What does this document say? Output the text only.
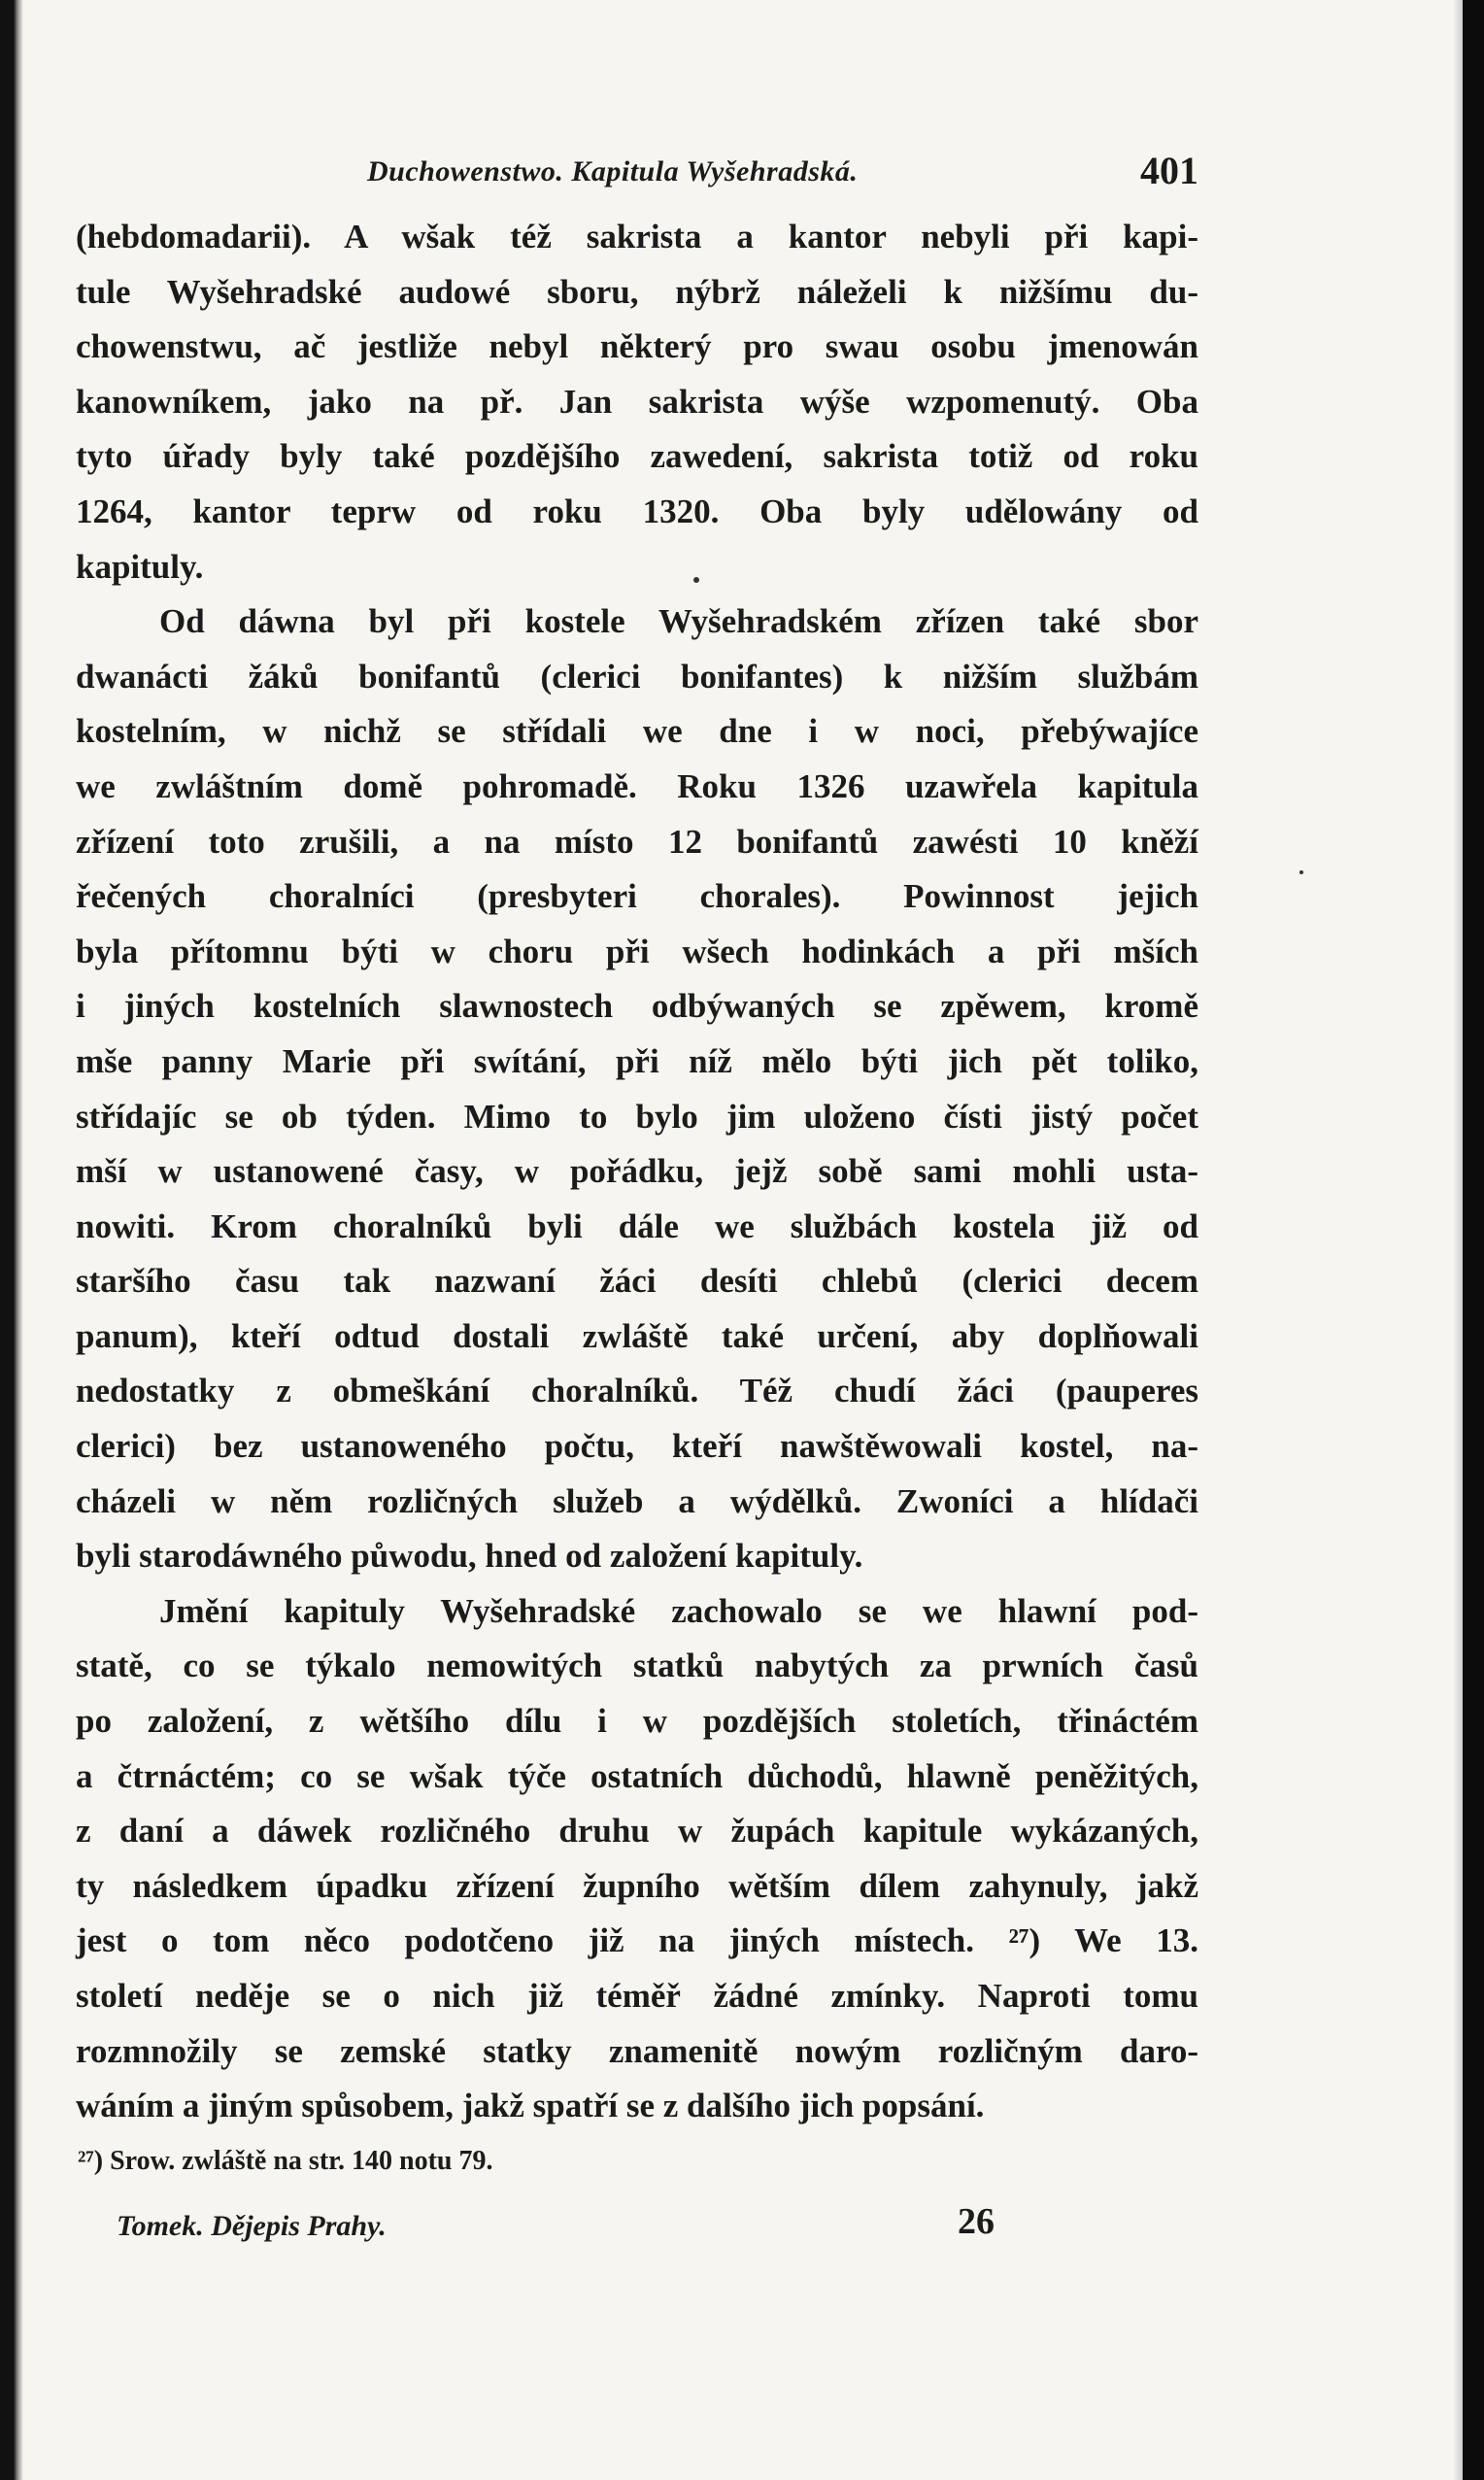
Duchowenstwo. Kapitula Wyšehradská.	401
(hebdomadarii). A wšak též sakrista a kantor nebyli při kapi-
tule Wyšehradské audowé sboru, nýbrž náleželi k nižšímu du-
chowenstwu, ač jestliže nebyl některý pro swau osobu jmenowán
kanowníkem, jako na př. Jan sakrista wýše wzpomenutý. Oba
tyto úřady byly také pozdějšího zawedení, sakrista totiž od roku
1264, kantor teprw od roku 1320. Oba byly udělowány od
kapituly.
Od dáwna byl při kostele Wyšehradském zřízen také sbor
dwanácti žáků bonifantů (clerici bonifantes) k nižším službám
kostelním, w nichž se střídali we dne i w noci, přebýwajíce
we zwláštním domě pohromadě. Roku 1326 uzawřela kapitula
zřízení toto zrušili, a na místo 12 bonifantů zawésti 10 kněží
řečených choralníci (presbyteri chorales). Powinnost jejich
byla přítomnu býti w choru při wšech hodinkách a při mších
i jiných kostelních slawnostech odbýwaných se zpěwem, kromě
mše panny Marie při swítání, při níž mělo býti jich pět toliko,
střídajíc se ob týden. Mimo to bylo jim uloženo čísti jistý počet
mší w ustanowené časy, w pořádku, jejž sobě sami mohli usta-
nowiti. Krom choralníků byli dále we službách kostela již od
staršího času tak nazwaní žáci desíti chlebů (clerici decem
panum), kteří odtud dostali zwláště také určení, aby doplňowali
nedostatky z obmeškání choralníků. Též chudí žáci (pauperes
clerici) bez ustanoweného počtu, kteří nawštěwowali kostel, na-
cházeli w něm rozličných služeb a wýdělků. Zwoníci a hlídači
byli starodáwného půwodu, hned od založení kapituly.
Jmění kapituly Wyšehradské zachowalo se we hlawní pod-
statě, co se týkalo nemowitých statků nabytých za prwních časů
po založení, z wětšího dílu i w pozdějších stoletích, třináctém
a čtrnáctém; co se wšak týče ostatních důchodů, hlawně peněžitých,
z daní a dáwek rozličného druhu w župách kapitule wykázaných,
ty následkem úpadku zřízení župního wětším dílem zahynuly, jakž
jest o tom něco podotčeno již na jiných místech. ²⁷) We 13.
století neděje se o nich již téměř žádné zmínky. Naproti tomu
rozmnožily se zemské statky znamenitě nowým rozličným daro-
wáním a jiným spůsobem, jakž spatří se z dalšího jich popsání.
²⁷) Srow. zwláště na str. 140 notu 79.
Tomek. Dějepis Prahy.	26
